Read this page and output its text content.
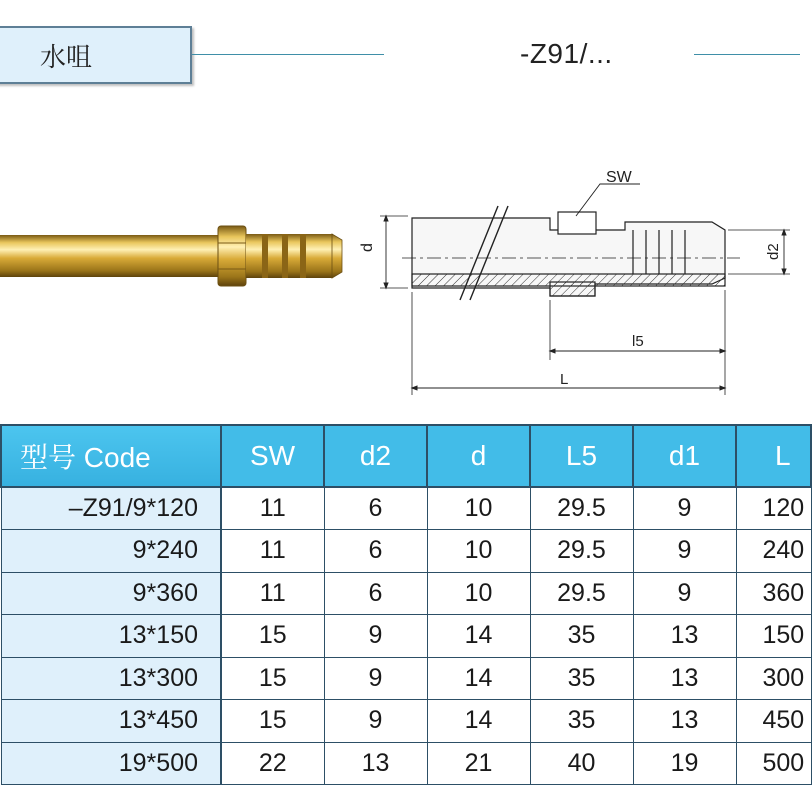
水咀	-Z91/...
SW
d	d2
l5
L
型号 Code	SW	d2	d	L5	d1	L
–Z91/9*120	11	6	10	29.5	9	120
9*240	11	6	10	29.5	9	240
9*360	11	6	10	29.5	9	360
13*150	15	9	14	35	13	150
13*300	15	9	14	35	13	300
13*450	15	9	14	35	13	450
19*500	22	13	21	40	19	500
